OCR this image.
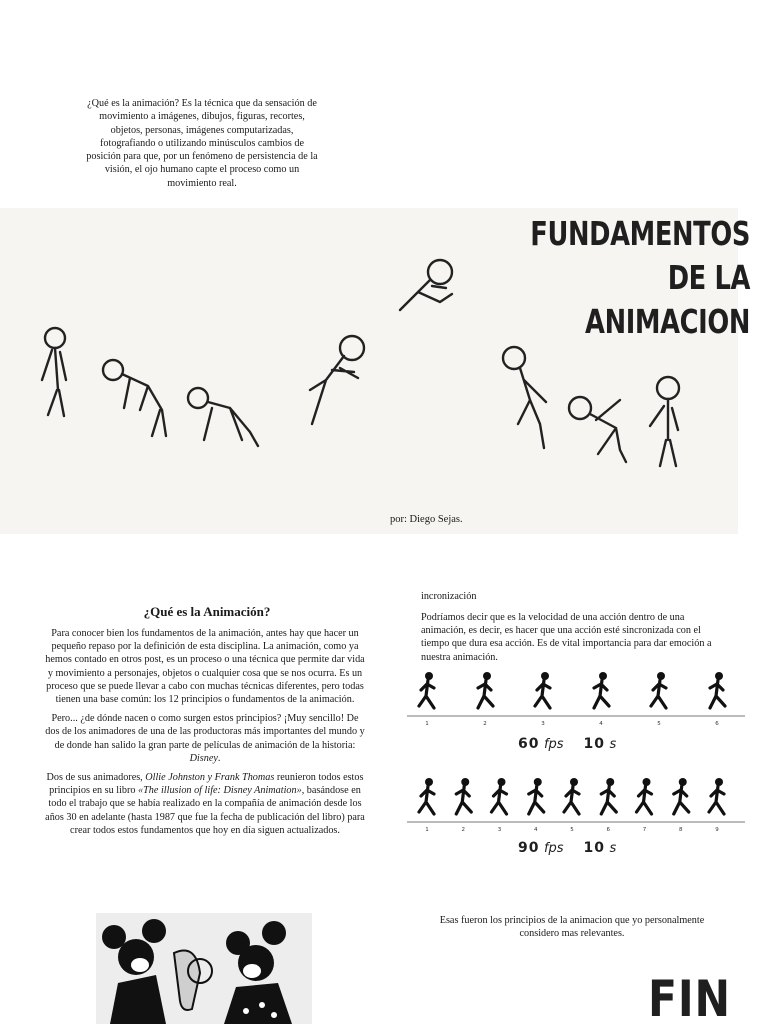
¿Qué es la animación? Es la técnica que da sensación de movimiento a imágenes, dibujos, figuras, recortes, objetos, personas, imágenes computarizadas, fotografiando o utilizando minúsculos cambios de posición para que, por un fenómeno de persistencia de la visión, el ojo humano capte el proceso como un movimiento real.
FUNDAMENTOS DE LA
ANIMACION
por: Diego Sejas.
¿Qué es la Animación?

Para conocer bien los fundamentos de la animación, antes hay que hacer un pequeño repaso por la definición de esta disciplina. La animación, como ya hemos contado en otros post, es un proceso o una técnica que permite dar vida y movimiento a personajes, objetos o cualquier cosa que se nos ocurra. Es un proceso que se puede llevar a cabo con muchas técnicas diferentes, pero todas tienen una base común: los 12 principios o fundamentos de la animación.

Pero... ¿de dónde nacen o como surgen estos principios? ¡Muy sencillo! De dos de los animadores de una de las productoras más importantes del mundo y de donde han salido la gran parte de películas de animación de la historia: Disney.

Dos de sus animadores, Ollie Johnston y Frank Thomas reunieron todos estos principios en su libro «The illusion of life: Disney Animation», basándose en todo el trabajo que se había realizado en la compañía de animación desde los años 30 en adelante (hasta 1987 que fue la fecha de publicación del libro) para crear todos estos fundamentos que hoy en día siguen actualizados.

incronización
Podríamos decir que es la velocidad de una acción dentro de una animación, es decir, es hacer que una acción esté sincronizada con el tiempo que dura esa acción. Es de vital importancia para dar emoción a nuestra animación.
1	2	3	4	5	6
60 fps 10 s
1	2	3	4	5	6	7	8	9
90 fps 10 s
Esas fueron los principios de la animacion que yo personalmente considero mas relevantes.
FIN
